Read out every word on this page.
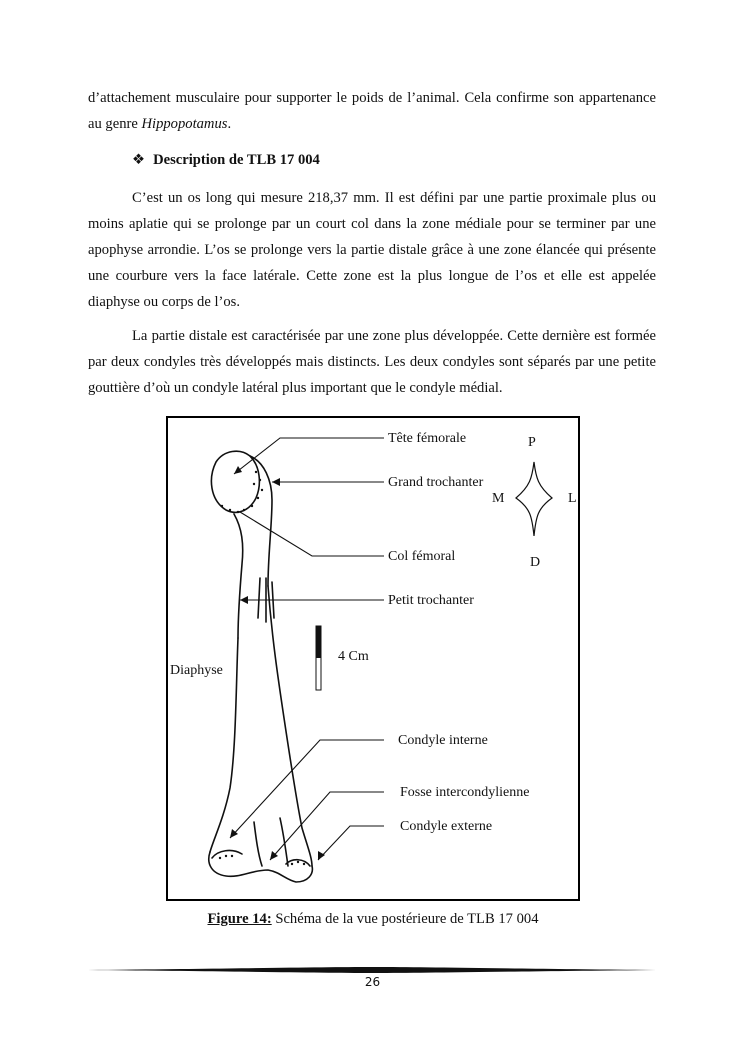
d’attachement musculaire pour supporter le poids de l’animal. Cela confirme son appartenance au genre Hippopotamus.

❖ Description de TLB 17 004

C’est un os long qui mesure 218,37 mm. Il est défini par une partie proximale plus ou moins aplatie qui se prolonge par un court col dans la zone médiale pour se terminer par une apophyse arrondie. L’os se prolonge vers la partie distale grâce à une zone élancée qui présente une courbure vers la face latérale. Cette zone est la plus longue de l’os et elle est appelée diaphyse ou corps de l’os.

La partie distale est caractérisée par une zone plus développée. Cette dernière est formée par deux condyles très développés mais distincts. Les deux condyles sont séparés par une petite gouttière d’où un condyle latéral plus important que le condyle médial.

Tête fémorale
Grand trochanter
Col fémoral
Petit trochanter
Diaphyse
Condyle interne
Fosse intercondylienne
Condyle externe
4 Cm
P
M	L
D
Figure 14: Schéma de la vue postérieure de TLB 17 004
26
